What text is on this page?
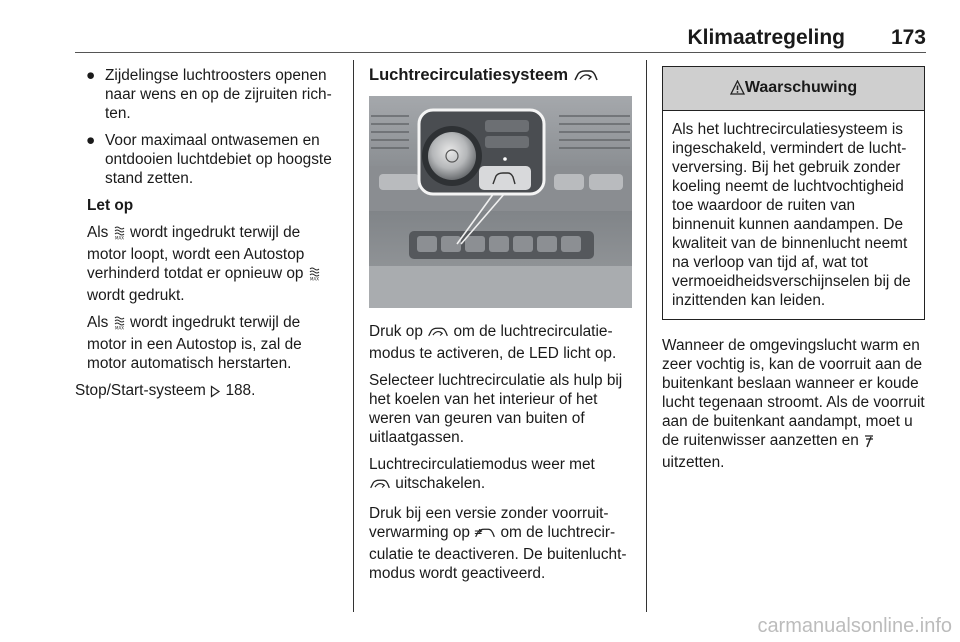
Klimaatregeling 173
● Zijdelingse luchtroosters openen naar wens en op de zijruiten richten.
● Voor maximaal ontwasemen en ontdooien luchtdebiet op hoogste stand zetten.

Let op

Als MAX wordt ingedrukt terwijl de motor loopt, wordt een Autostop verhinderd totdat er opnieuw op MAX
wordt gedrukt.

Als MAX wordt ingedrukt terwijl de motor in een Autostop is, zal de motor automatisch herstarten.

Stop/Start-systeem 188.

Luchtrecirculatiesysteem

Druk op om de luchtrecirculatiemodus te activeren, de LED licht op.

Selecteer luchtrecirculatie als hulp bij het koelen van het interieur of het weren van geuren van buiten of uitlaatgassen.

Luchtrecirculatiemodus weer met
uitschakelen.

Druk bij een versie zonder voorruitverwarming op om de luchtrecirculatie te deactiveren. De buitenluchtmodus wordt geactiveerd.

Waarschuwing
Als het luchtrecirculatiesysteem is ingeschakeld, vermindert de luchtverversing. Bij het gebruik zonder koeling neemt de luchtvochtigheid toe waardoor de ruiten van binnenuit kunnen aandampen. De kwaliteit van de binnenlucht neemt na verloop van tijd af, wat tot vermoeidheidsverschijnselen bij de inzittenden kan leiden.

Wanneer de omgevingslucht warm en zeer vochtig is, kan de voorruit aan de buitenkant beslaan wanneer er koude lucht tegenaan stroomt. Als de voorruit aan de buitenkant aandampt, moet u de ruitenwisser aanzetten en  uitzetten.

carmanualsonline.info
